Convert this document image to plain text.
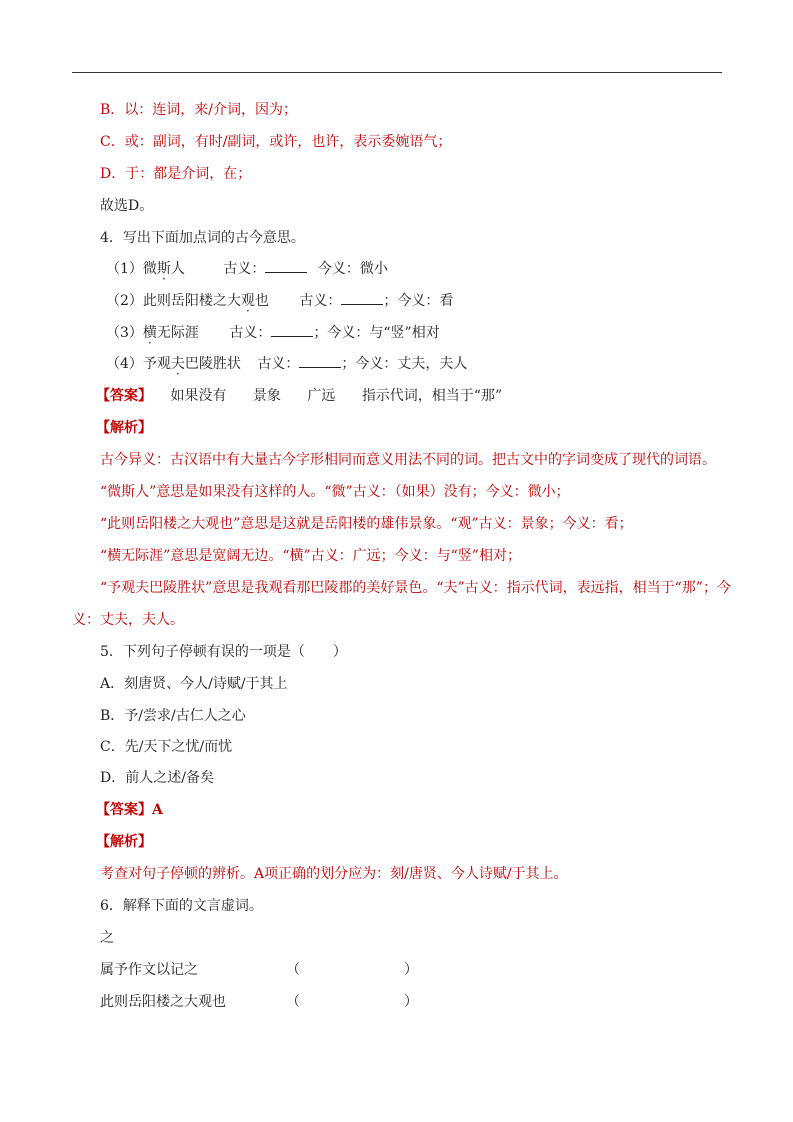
B．以：连词，来/介词，因为；
C．或：副词，有时/副词，或许，也许，表示委婉语气；
D．于：都是介词，在；
故选D。
4．写出下面加点词的古今意思。
（1）微斯人	古义：	今义：微小
（2）此则岳阳楼之大观也 古义：	；今义：看
（3）横无际涯 古义：	；今义：与“竖”相对
（4）予观夫巴陵胜状 古义：	；今义：丈夫，夫人
【答案】 如果没有 景象 广远 指示代词，相当于“那”
【解析】
古今异义：古汉语中有大量古今字形相同而意义用法不同的词。把古文中的字词变成了现代的词语。
“微斯人”意思是如果没有这样的人。“微”古义：（如果）没有；今义：微小；
“此则岳阳楼之大观也”意思是这就是岳阳楼的雄伟景象。“观”古义：景象；今义：看；
“横无际涯”意思是宽阔无边。“横”古义：广远；今义：与“竖”相对；
“予观夫巴陵胜状”意思是我观看那巴陵郡的美好景色。“夫”古义：指示代词，表远指，相当于“那”；今
义：丈夫，夫人。
5．下列句子停顿有误的一项是（　　）
A．刻唐贤、今人/诗赋/于其上
B．予/尝求/古仁人之心
C．先/天下之忧/而忧
D．前人之述/备矣
【答案】A
【解析】
考查对句子停顿的辨析。A项正确的划分应为：刻/唐贤、今人诗赋/于其上。
6．解释下面的文言虚词。
之
属予作文以记之	（	）
此则岳阳楼之大观也	（	）
